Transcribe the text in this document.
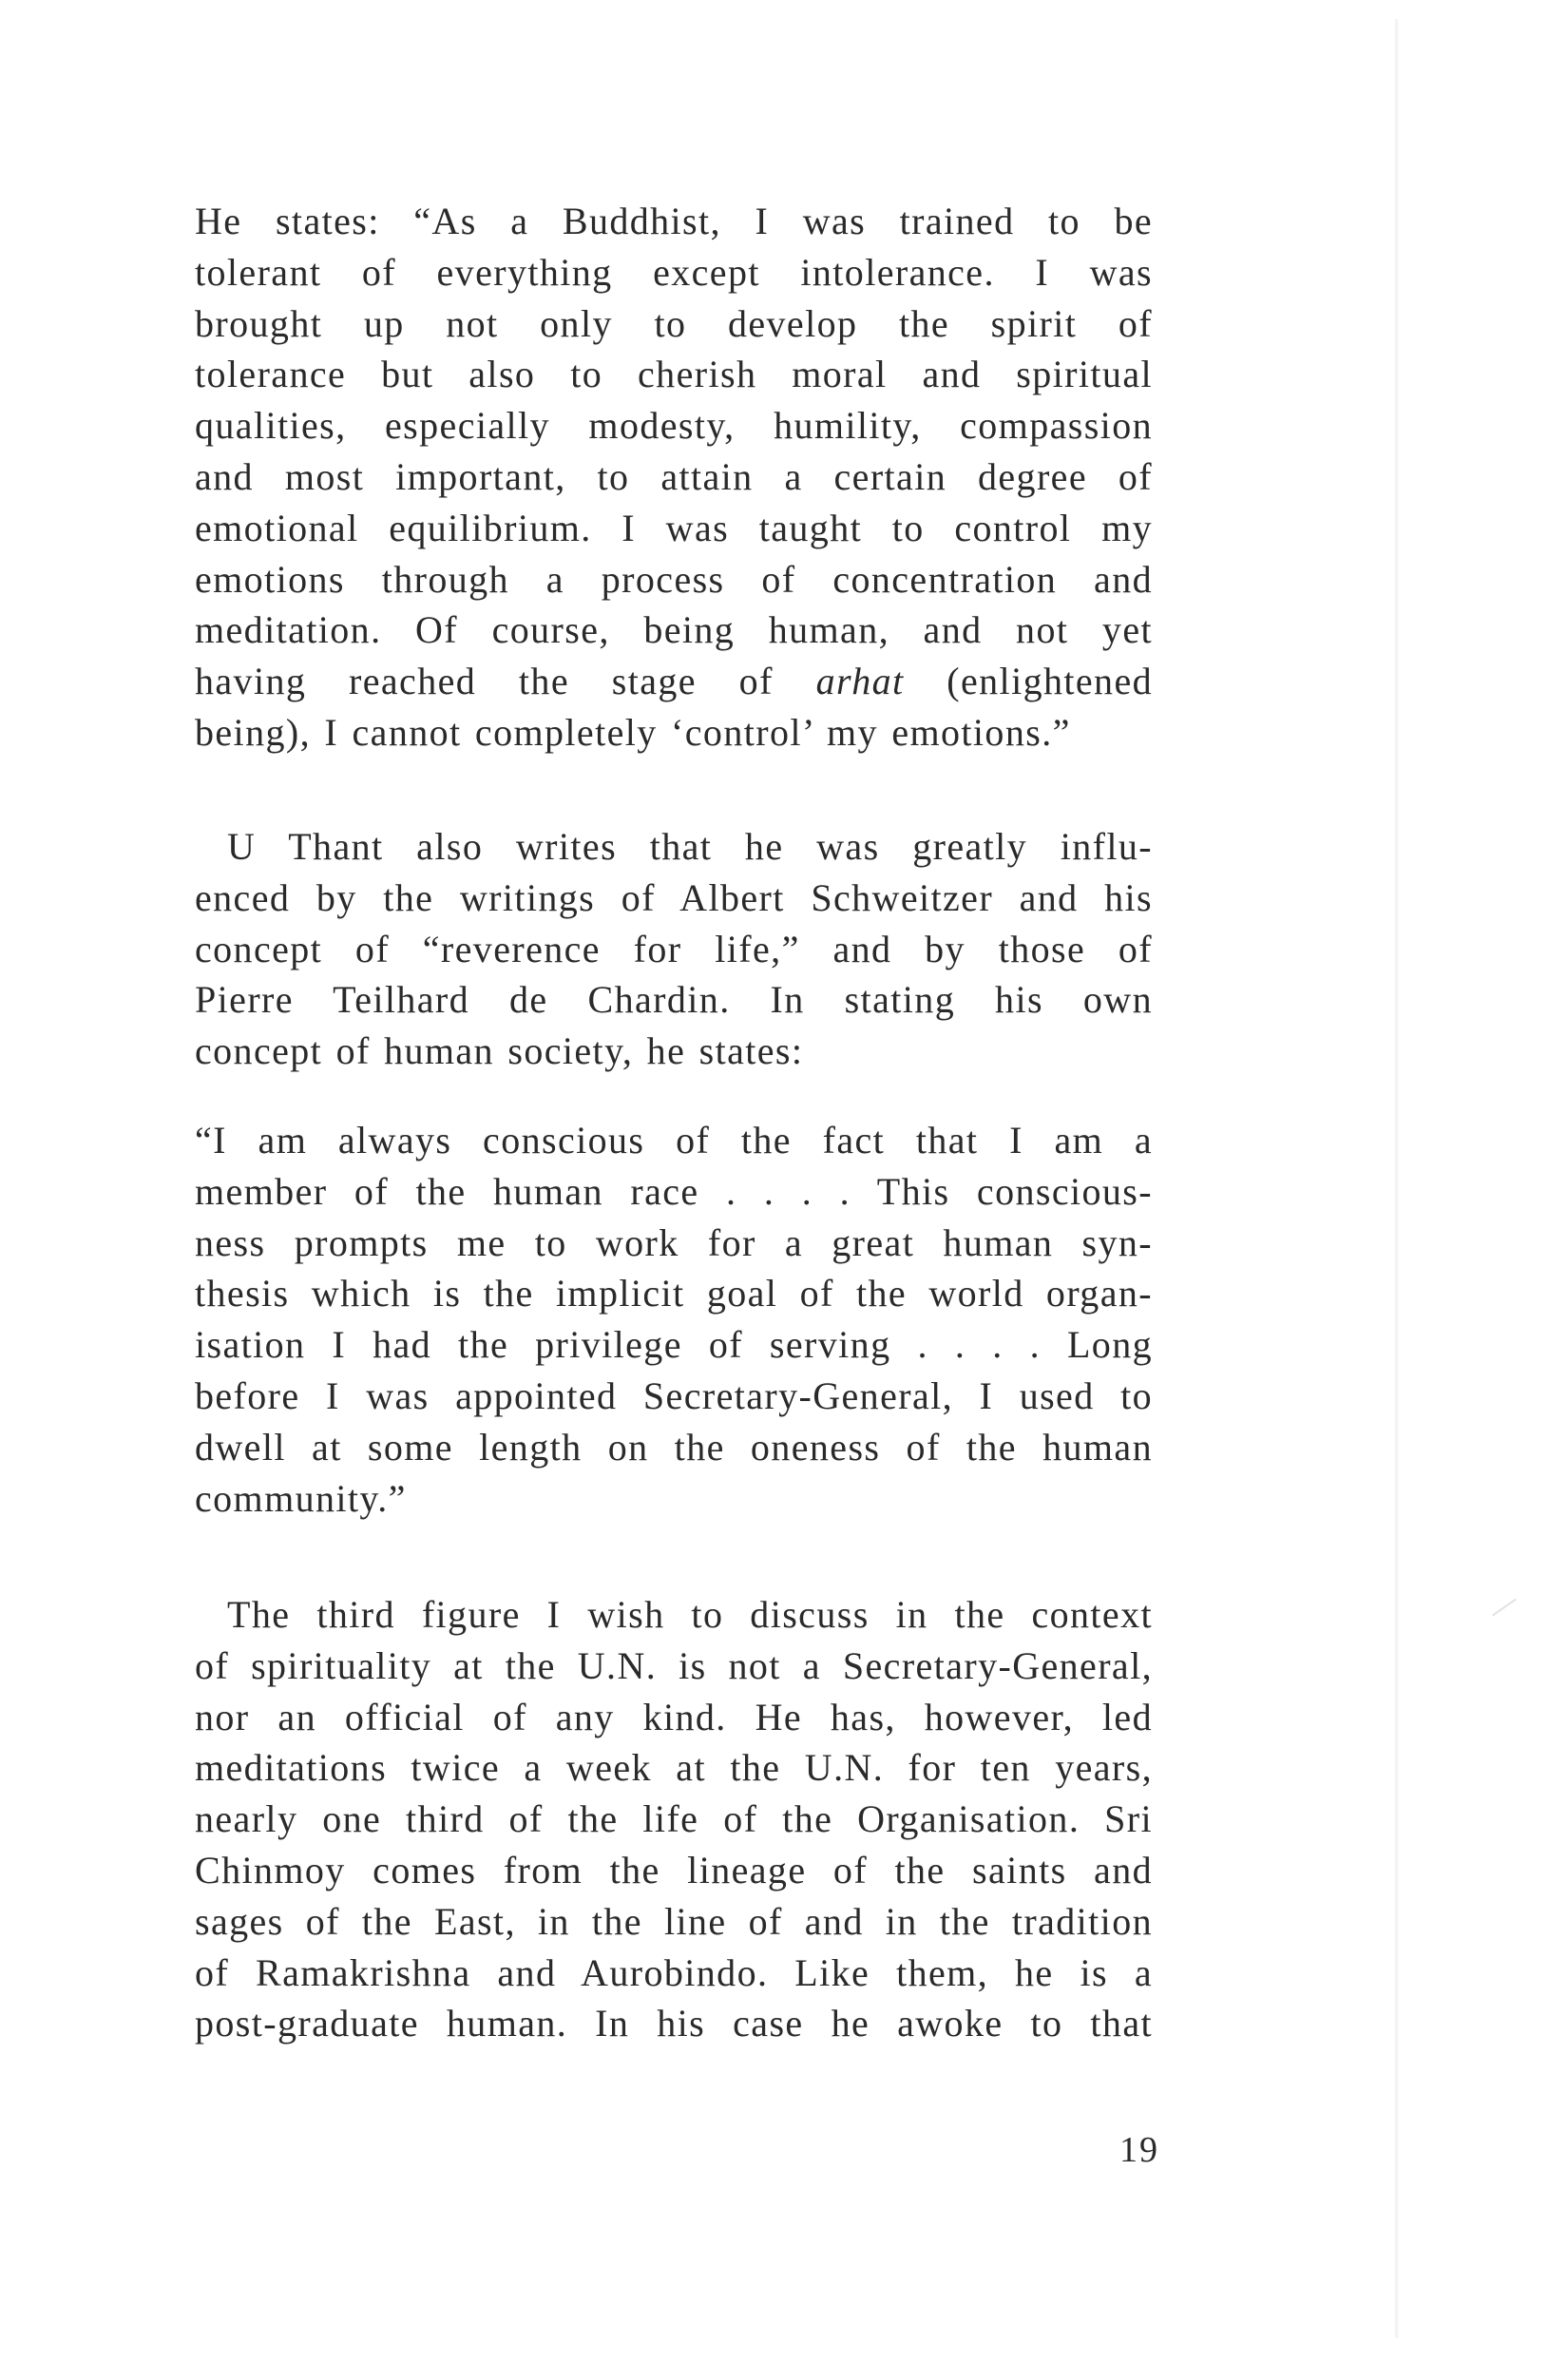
He states: “As a Buddhist, I was trained to be
tolerant of everything except intolerance. I was
brought up not only to develop the spirit of
tolerance but also to cherish moral and spiritual
qualities, especially modesty, humility, compassion
and most important, to attain a certain degree of
emotional equilibrium. I was taught to control my
emotions through a process of concentration and
meditation. Of course, being human, and not yet
having reached the stage of arhat (enlightened
being), I cannot completely ‘control’ my emotions.”
U Thant also writes that he was greatly influ-
enced by the writings of Albert Schweitzer and his
concept of “reverence for life,” and by those of
Pierre Teilhard de Chardin. In stating his own
concept of human society, he states:
“I am always conscious of the fact that I am a
member of the human race . . . . This conscious-
ness prompts me to work for a great human syn-
thesis which is the implicit goal of the world organ-
isation I had the privilege of serving . . . . Long
before I was appointed Secretary-General, I used to
dwell at some length on the oneness of the human
community.”
The third figure I wish to discuss in the context
of spirituality at the U.N. is not a Secretary-General,
nor an official of any kind. He has, however, led
meditations twice a week at the U.N. for ten years,
nearly one third of the life of the Organisation. Sri
Chinmoy comes from the lineage of the saints and
sages of the East, in the line of and in the tradition
of Ramakrishna and Aurobindo. Like them, he is a
post-graduate human. In his case he awoke to that

19
